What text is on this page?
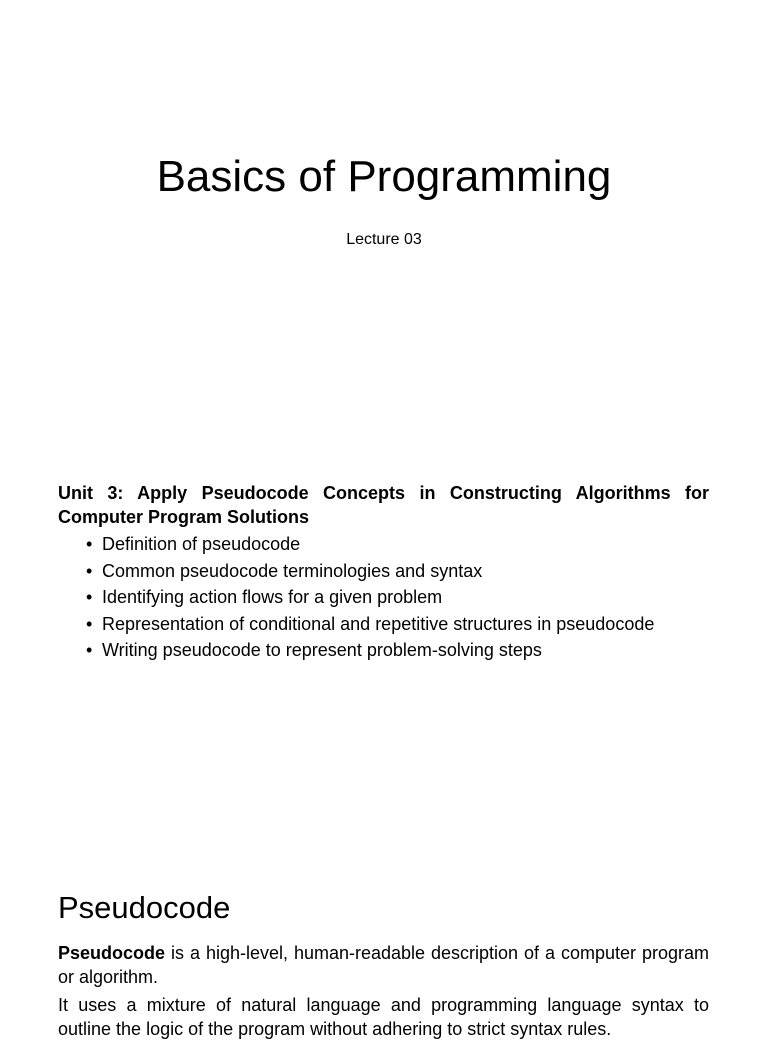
Basics of Programming
Lecture 03

Unit 3: Apply Pseudocode Concepts in Constructing Algorithms for Computer Program Solutions

• Definition of pseudocode
• Common pseudocode terminologies and syntax
• Identifying action flows for a given problem
• Representation of conditional and repetitive structures in pseudocode
• Writing pseudocode to represent problem-solving steps
Pseudocode

Pseudocode is a high-level, human-readable description of a computer program or algorithm.

It uses a mixture of natural language and programming language syntax to outline the logic of the program without adhering to strict syntax rules.
